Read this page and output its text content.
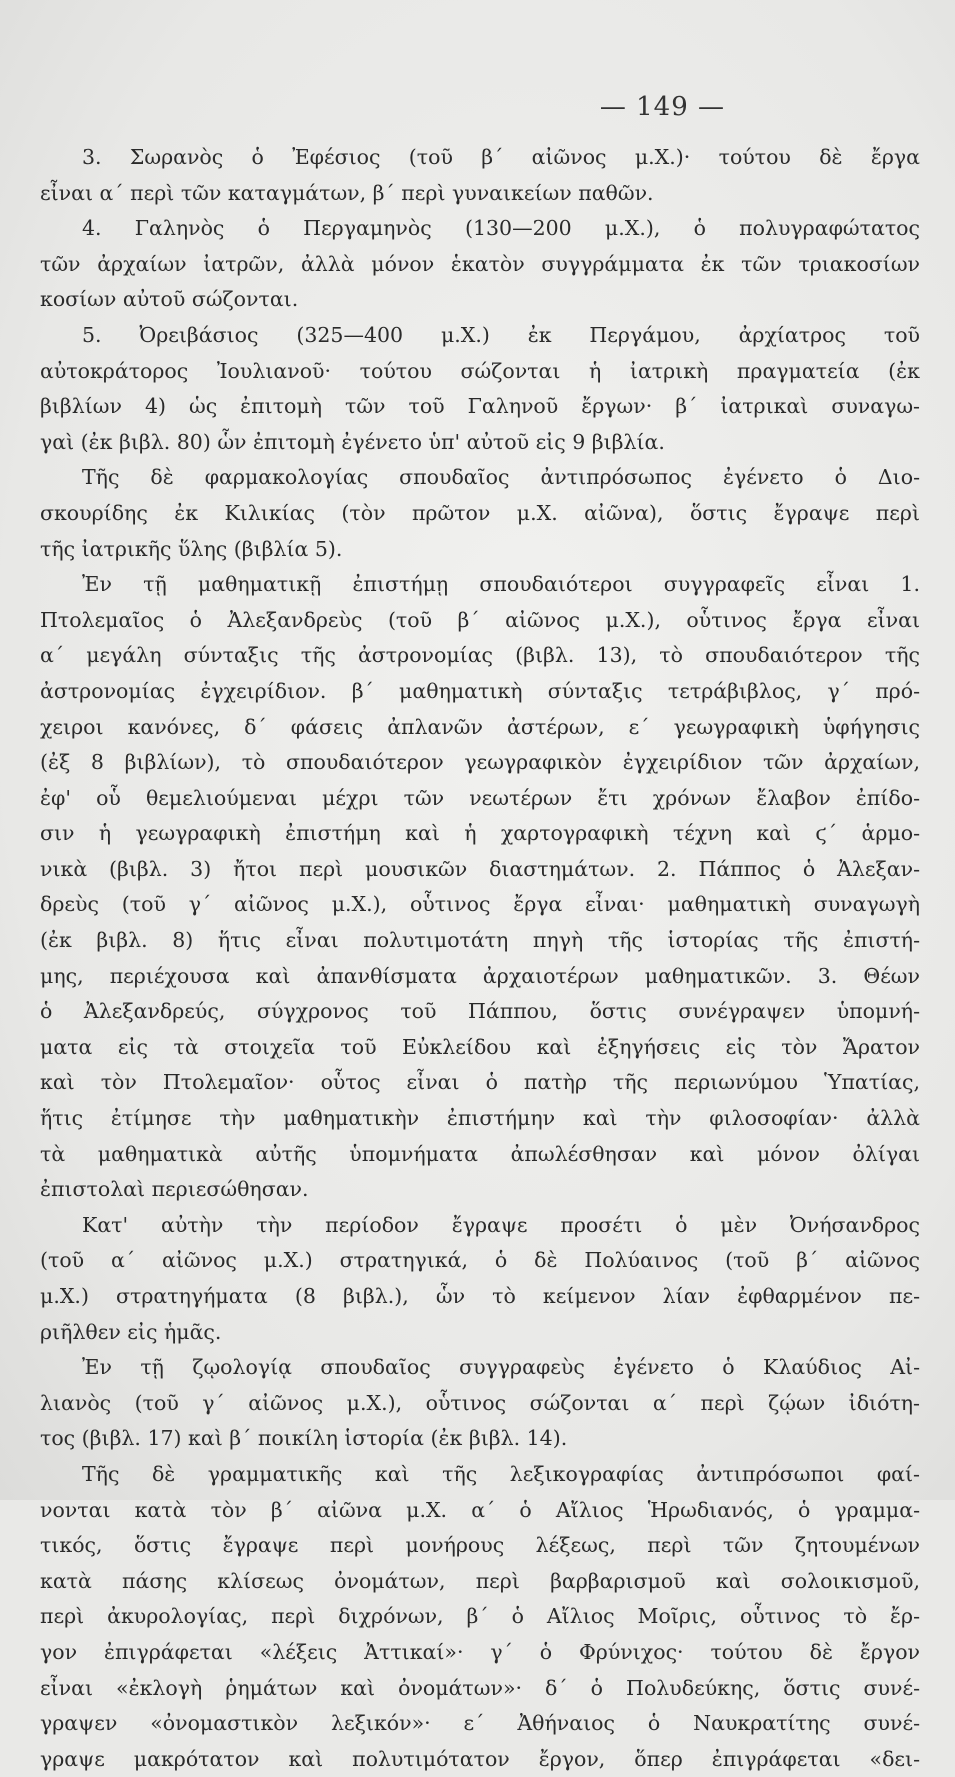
— 149 —
3. Σωρανὸς ὁ Ἐφέσιος (τοῦ β΄ αἰῶνος μ.Χ.)· τούτου δὲ ἔργα
εἶναι α΄ περὶ τῶν καταγμάτων, β΄ περὶ γυναικείων παθῶν.
4. Γαληνὸς ὁ Περγαμηνὸς (130—200 μ.Χ.), ὁ πολυγραφώτατος
τῶν ἀρχαίων ἰατρῶν, ἀλλὰ μόνον ἑκατὸν συγγράμματα ἐκ τῶν τριακοσίων
κοσίων αὐτοῦ σώζονται.
5. Ὀρειβάσιος (325—400 μ.Χ.) ἐκ Περγάμου, ἀρχίατρος τοῦ
αὐτοκράτορος Ἰουλιανοῦ· τούτου σώζονται ἡ ἰατρικὴ πραγματεία (ἐκ
βιβλίων 4) ὡς ἐπιτομὴ τῶν τοῦ Γαληνοῦ ἔργων· β΄ ἰατρικαὶ συναγω-
γαὶ (ἐκ βιβλ. 80) ὧν ἐπιτομὴ ἐγένετο ὑπ' αὐτοῦ εἰς 9 βιβλία.
Τῆς δὲ φαρμακολογίας σπουδαῖος ἀντιπρόσωπος ἐγένετο ὁ Διο-
σκουρίδης ἐκ Κιλικίας (τὸν πρῶτον μ.Χ. αἰῶνα), ὅστις ἔγραψε περὶ
τῆς ἰατρικῆς ὕλης (βιβλία 5).
Ἐν τῇ μαθηματικῇ ἐπιστήμῃ σπουδαιότεροι συγγραφεῖς εἶναι 1.
Πτολεμαῖος ὁ Ἀλεξανδρεὺς (τοῦ β΄ αἰῶνος μ.Χ.), οὗτινος ἔργα εἶναι
α΄ μεγάλη σύνταξις τῆς ἀστρονομίας (βιβλ. 13), τὸ σπουδαιότερον τῆς
ἀστρονομίας ἐγχειρίδιον. β΄ μαθηματικὴ σύνταξις τετράβιβλος, γ΄ πρό-
χειροι κανόνες, δ΄ φάσεις ἀπλανῶν ἀστέρων, ε΄ γεωγραφικὴ ὑφήγησις
(ἐξ 8 βιβλίων), τὸ σπουδαιότερον γεωγραφικὸν ἐγχειρίδιον τῶν ἀρχαίων,
ἐφ' οὗ θεμελιούμεναι μέχρι τῶν νεωτέρων ἔτι χρόνων ἔλαβον ἐπίδο-
σιν ἡ γεωγραφικὴ ἐπιστήμη καὶ ἡ χαρτογραφικὴ τέχνη καὶ ϛ΄ ἁρμο-
νικὰ (βιβλ. 3) ἤτοι περὶ μουσικῶν διαστημάτων. 2. Πάππος ὁ Ἀλεξαν-
δρεὺς (τοῦ γ΄ αἰῶνος μ.Χ.), οὗτινος ἔργα εἶναι· μαθηματικὴ συναγωγὴ
(ἐκ βιβλ. 8) ἥτις εἶναι πολυτιμοτάτη πηγὴ τῆς ἱστορίας τῆς ἐπιστή-
μης, περιέχουσα καὶ ἀπανθίσματα ἀρχαιοτέρων μαθηματικῶν. 3. Θέων
ὁ Ἀλεξανδρεύς, σύγχρονος τοῦ Πάππου, ὅστις συνέγραψεν ὑπομνή-
ματα εἰς τὰ στοιχεῖα τοῦ Εὐκλείδου καὶ ἐξηγήσεις εἰς τὸν Ἄρατον
καὶ τὸν Πτολεμαῖον· οὗτος εἶναι ὁ πατὴρ τῆς περιωνύμου Ὑπατίας,
ἥτις ἐτίμησε τὴν μαθηματικὴν ἐπιστήμην καὶ τὴν φιλοσοφίαν· ἀλλὰ
τὰ μαθηματικὰ αὐτῆς ὑπομνήματα ἀπωλέσθησαν καὶ μόνον ὀλίγαι
ἐπιστολαὶ περιεσώθησαν.
Κατ' αὐτὴν τὴν περίοδον ἔγραψε προσέτι ὁ μὲν Ὀνήσανδρος
(τοῦ α΄ αἰῶνος μ.Χ.) στρατηγικά, ὁ δὲ Πολύαινος (τοῦ β΄ αἰῶνος
μ.Χ.) στρατηγήματα (8 βιβλ.), ὧν τὸ κείμενον λίαν ἐφθαρμένον πε-
ριῆλθεν εἰς ἡμᾶς.
Ἐν τῇ ζῳολογίᾳ σπουδαῖος συγγραφεὺς ἐγένετο ὁ Κλαύδιος Αἰ-
λιανὸς (τοῦ γ΄ αἰῶνος μ.Χ.), οὗτινος σώζονται α΄ περὶ ζῴων ἰδιότη-
τος (βιβλ. 17) καὶ β΄ ποικίλη ἱστορία (ἐκ βιβλ. 14).
Τῆς δὲ γραμματικῆς καὶ τῆς λεξικογραφίας ἀντιπρόσωποι φαί-
νονται κατὰ τὸν β΄ αἰῶνα μ.Χ. α΄ ὁ Αἴλιος Ἡρωδιανός, ὁ γραμμα-
τικός, ὅστις ἔγραψε περὶ μονήρους λέξεως, περὶ τῶν ζητουμένων
κατὰ πάσης κλίσεως ὀνομάτων, περὶ βαρβαρισμοῦ καὶ σολοικισμοῦ,
περὶ ἀκυρολογίας, περὶ διχρόνων, β΄ ὁ Αἴλιος Μοῖρις, οὗτινος τὸ ἔρ-
γον ἐπιγράφεται «λέξεις Ἀττικαί»· γ΄ ὁ Φρύνιχος· τούτου δὲ ἔργον
εἶναι «ἐκλογὴ ῥημάτων καὶ ὀνομάτων»· δ΄ ὁ Πολυδεύκης, ὅστις συνέ-
γραψεν «ὀνομαστικὸν λεξικόν»· ε΄ Ἀθήναιος ὁ Ναυκρατίτης συνέ-
γραψε μακρότατον καὶ πολυτιμότατον ἔργον, ὅπερ ἐπιγράφεται «δει-
